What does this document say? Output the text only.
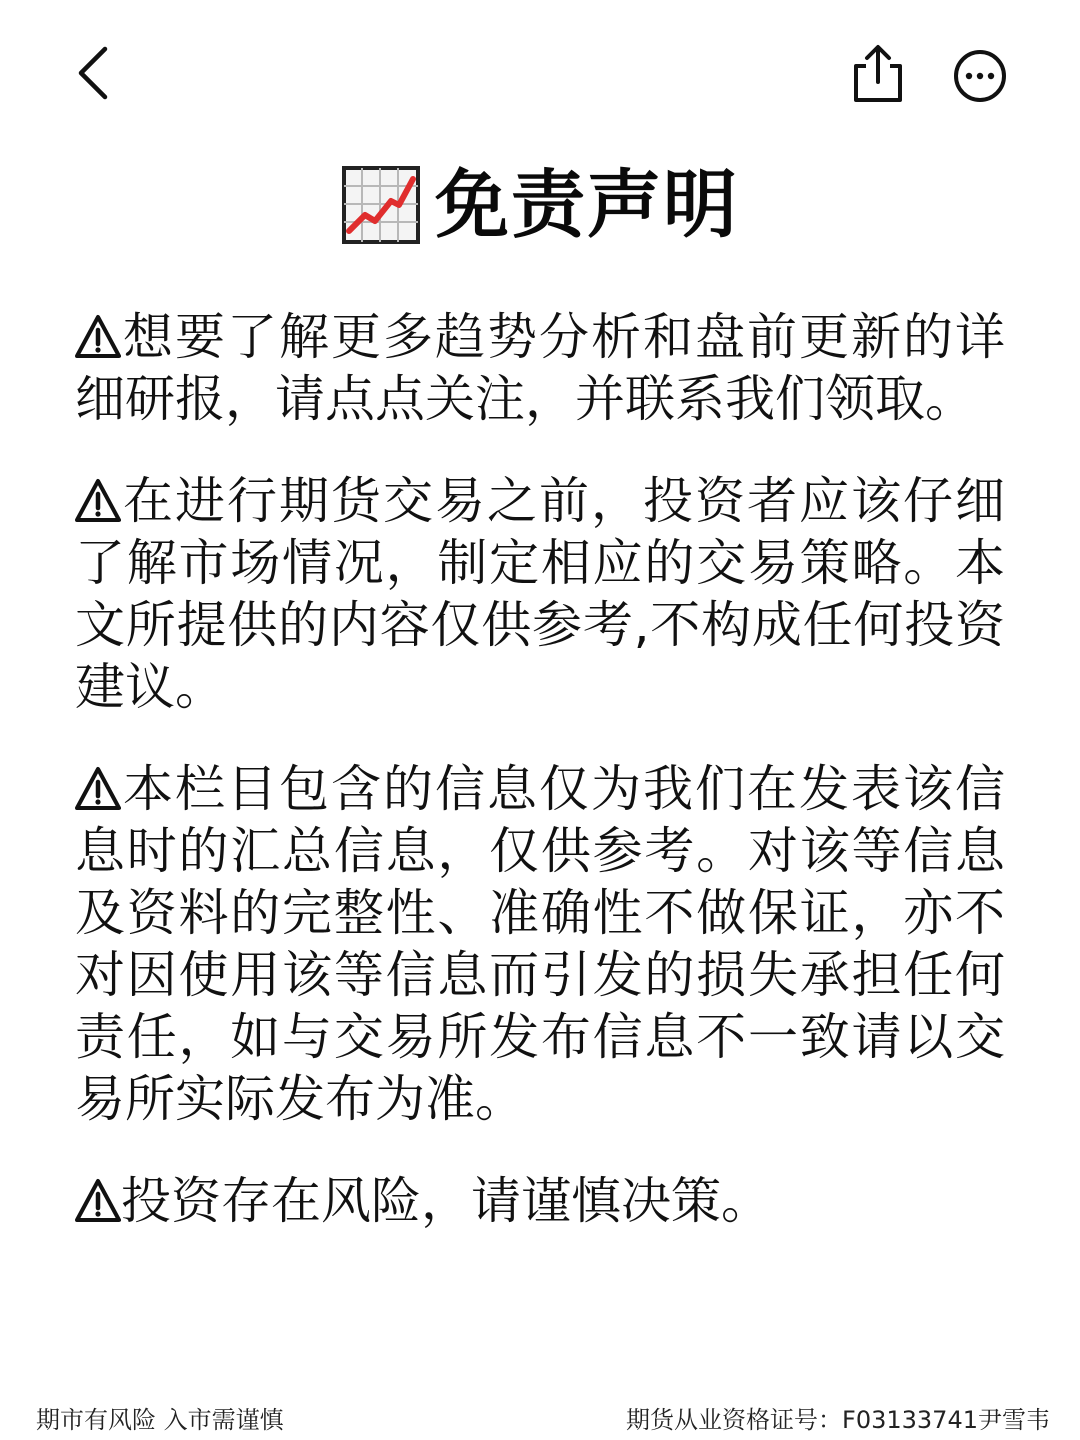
免责声明

想要了解更多趋势分析和盘前更新的详细研报，请点点关注，并联系我们领取。

在进行期货交易之前，投资者应该仔细了解市场情况，制定相应的交易策略。本文所提供的内容仅供参考,不构成任何投资建议。

本栏目包含的信息仅为我们在发表该信息时的汇总信息，仅供参考。对该等信息及资料的完整性、准确性不做保证，亦不对因使用该等信息而引发的损失承担任何责任，如与交易所发布信息不一致请以交易所实际发布为准。

投资存在风险，请谨慎决策。

期市有风险 入市需谨慎	期货从业资格证号：F03133741尹雪韦
